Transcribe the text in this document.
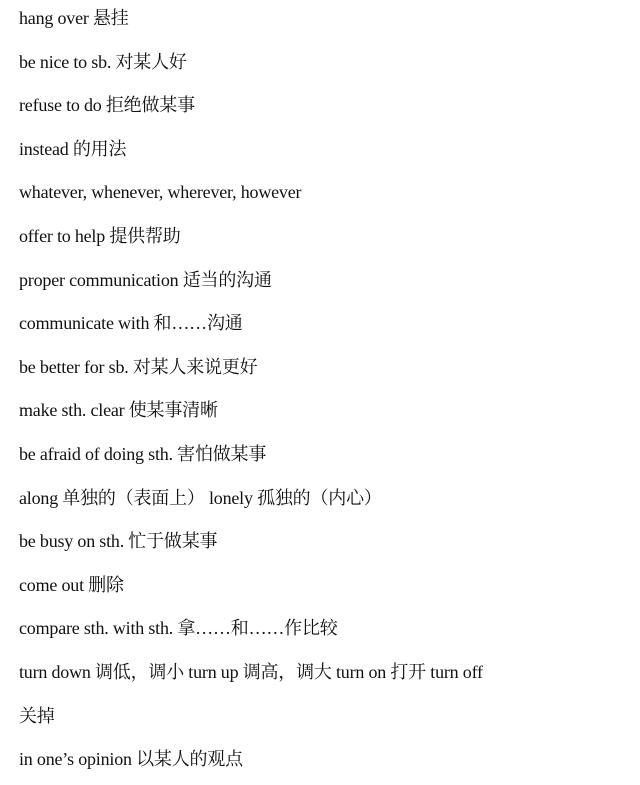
hang over 悬挂
be nice to sb. 对某人好
refuse to do 拒绝做某事
instead 的用法
whatever, whenever, wherever, however
offer to help 提供帮助
proper communication 适当的沟通
communicate with 和……沟通
be better for sb. 对某人来说更好
make sth. clear 使某事清晰
be afraid of doing sth. 害怕做某事
along 单独的（表面上） lonely 孤独的（内心）
be busy on sth. 忙于做某事
come out 删除
compare sth. with sth. 拿……和……作比较
turn down 调低，调小 turn up 调高，调大 turn on 打开 turn off
关掉
in one’s opinion 以某人的观点
